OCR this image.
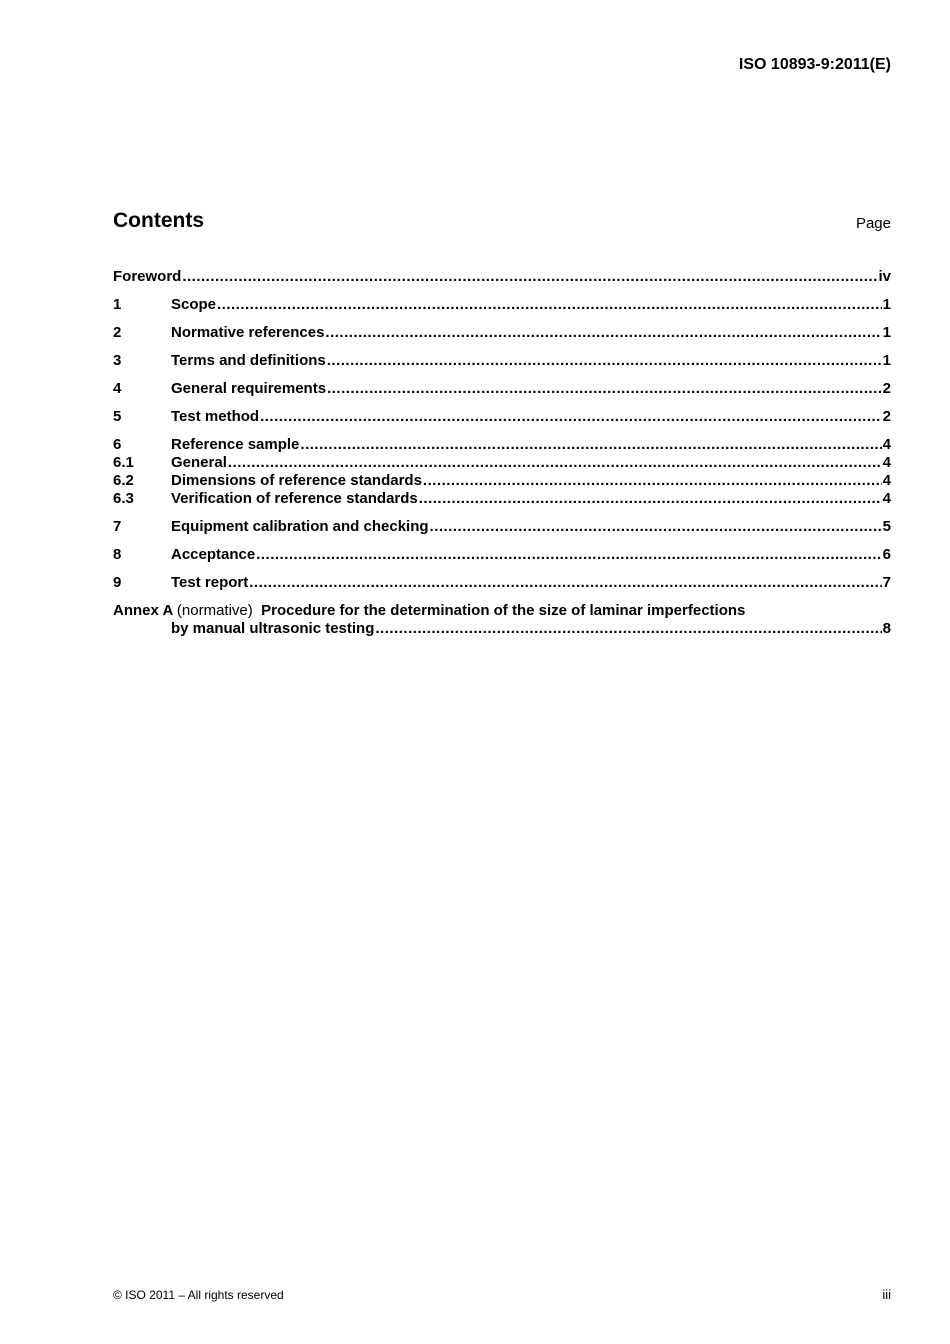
ISO 10893-9:2011(E)
Contents	Page
Foreword .....	iv
1	Scope .....	1
2	Normative references .....	1
3	Terms and definitions .....	1
4	General requirements .....	2
5	Test method .....	2
6	Reference sample .....	4
6.1	General .....	4
6.2	Dimensions of reference standards .....	4
6.3	Verification of reference standards .....	4
7	Equipment calibration and checking .....	5
8	Acceptance .....	6
9	Test report .....	7
Annex A (normative) Procedure for the determination of the size of laminar imperfections
by manual ultrasonic testing .....	8
© ISO 2011 – All rights reserved	iii
